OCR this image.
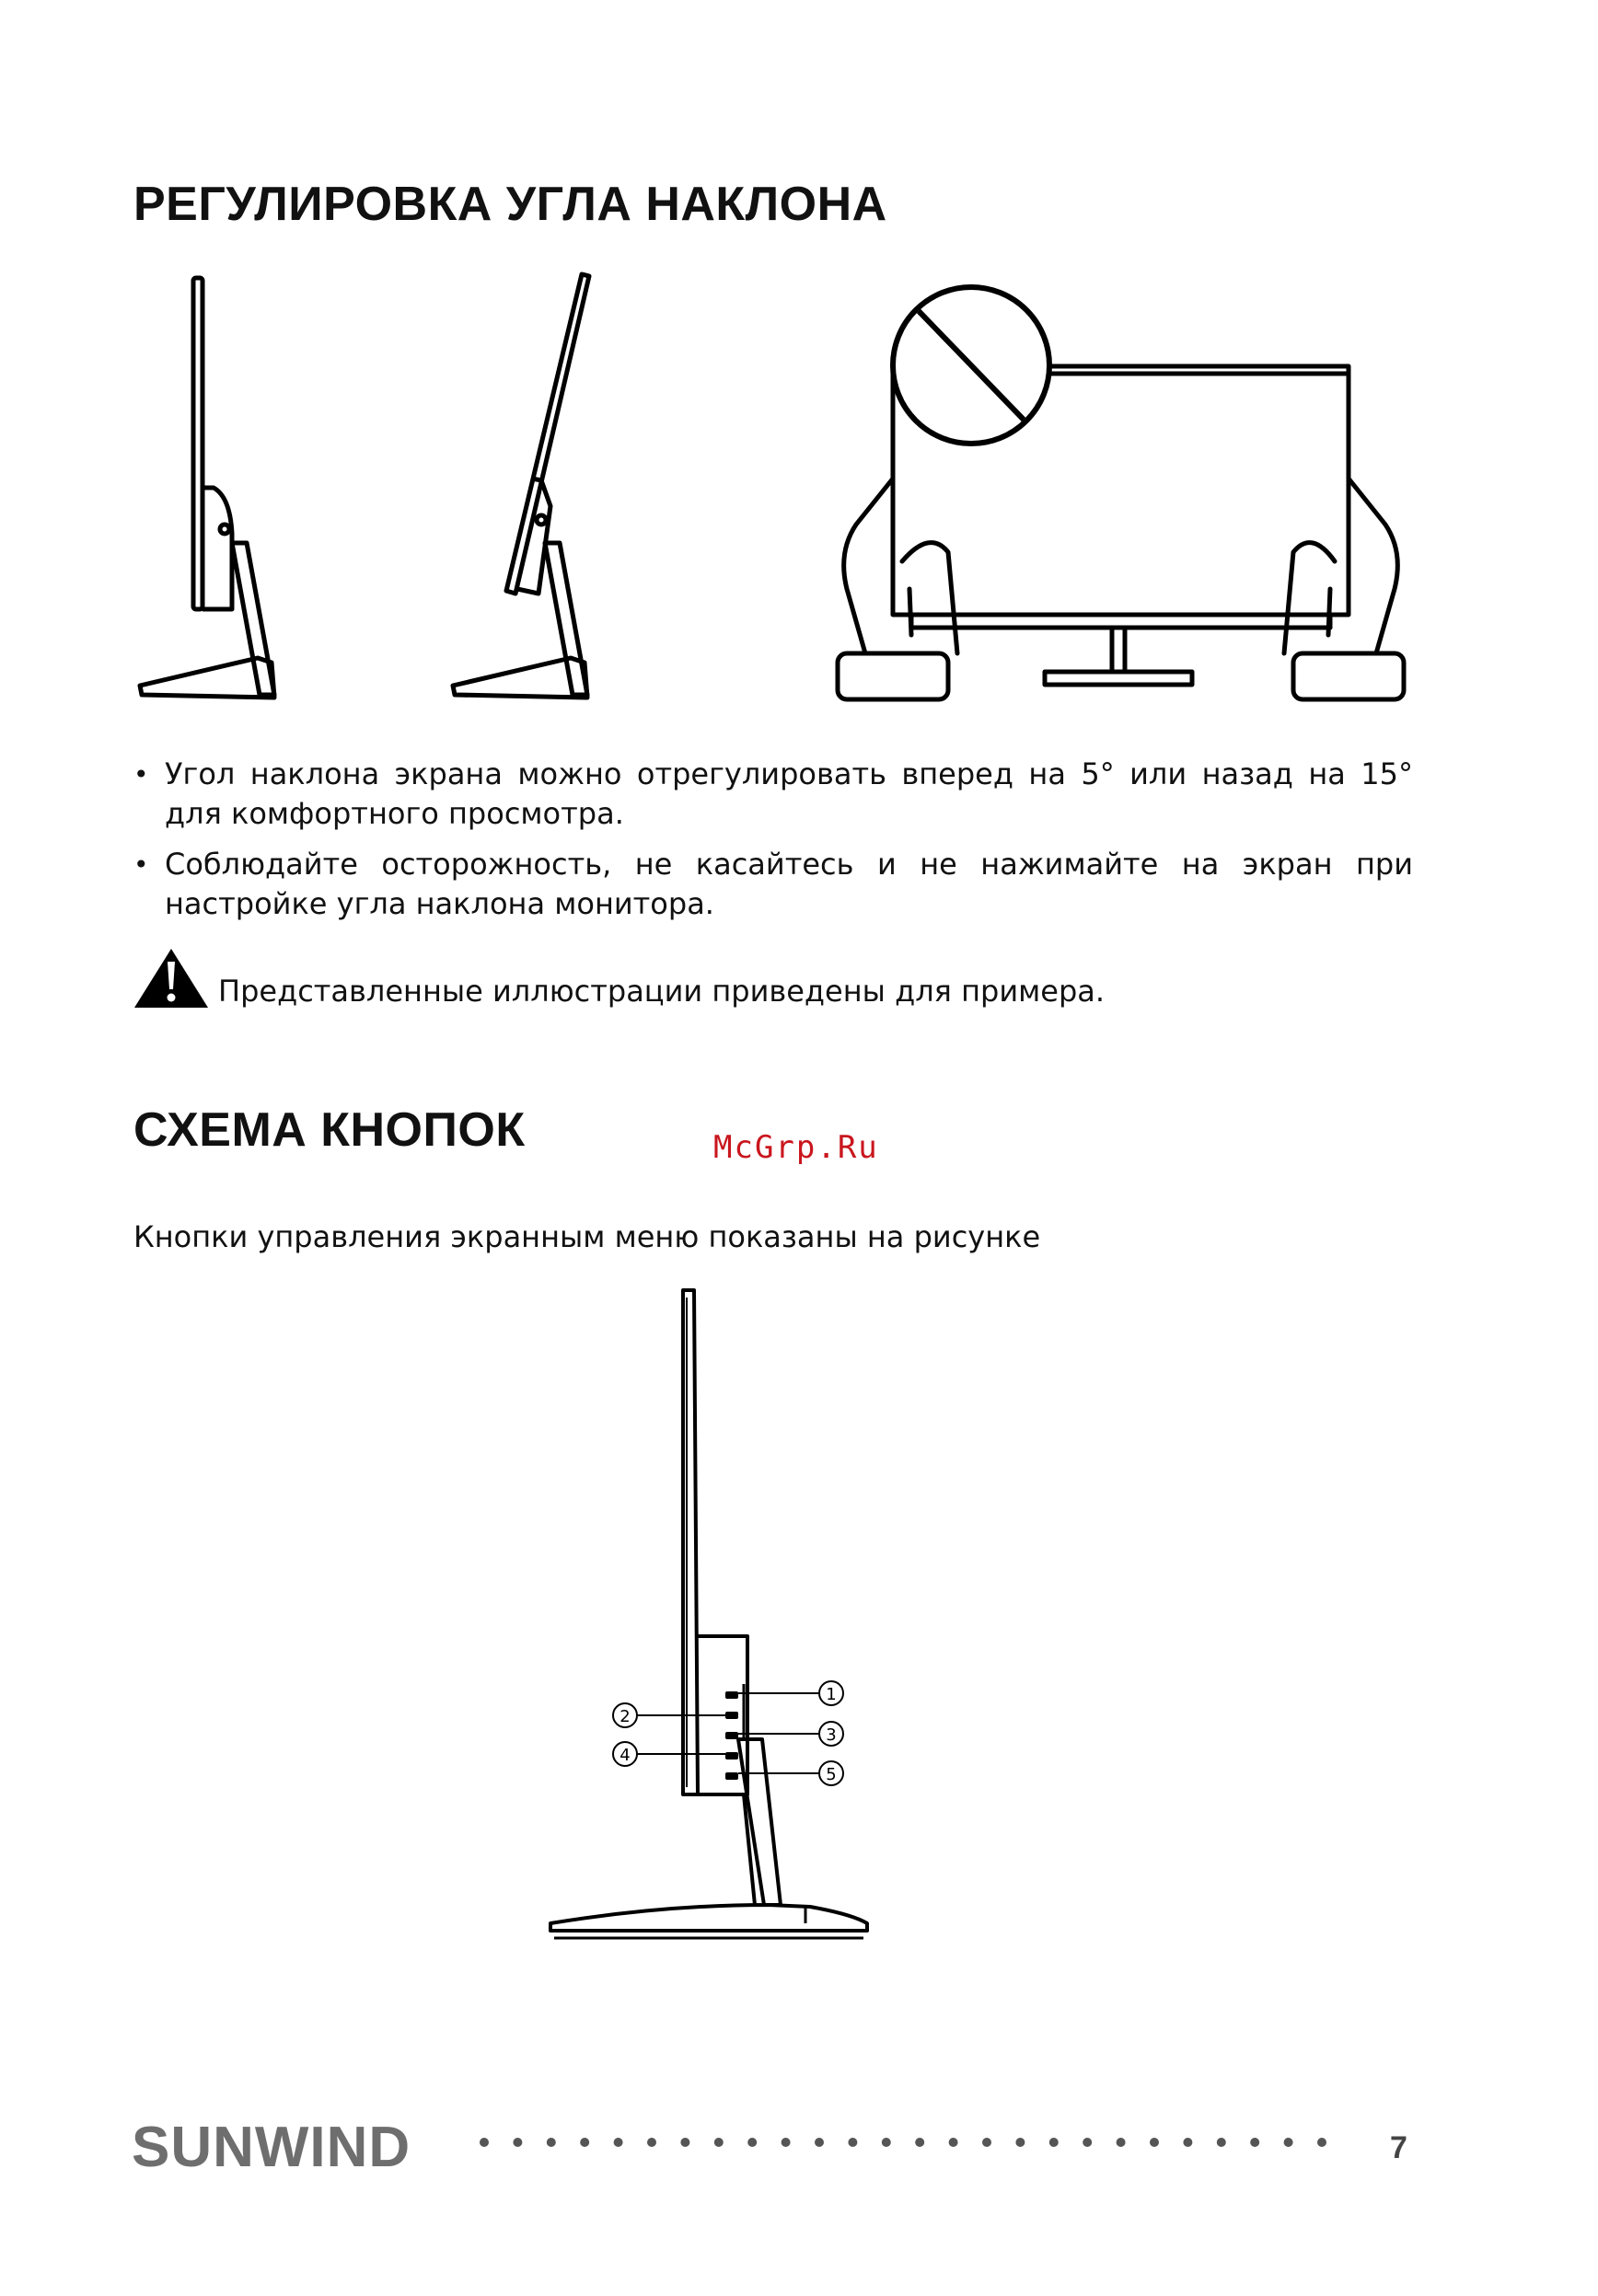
РЕГУЛИРОВКА УГЛА НАКЛОНА
• Угол наклона экрана можно отрегулировать вперед на 5° или назад на 15° для комфортного просмотра.
• Соблюдайте осторожность, не касайтесь и не нажимайте на экран при настройке угла наклона монитора.
Представленные иллюстрации приведены для примера.
СХЕМА КНОПОК	McGrp.Ru
Кнопки управления экранным меню показаны на рисунке
1
2
3
4
5
SUNWIND	7
